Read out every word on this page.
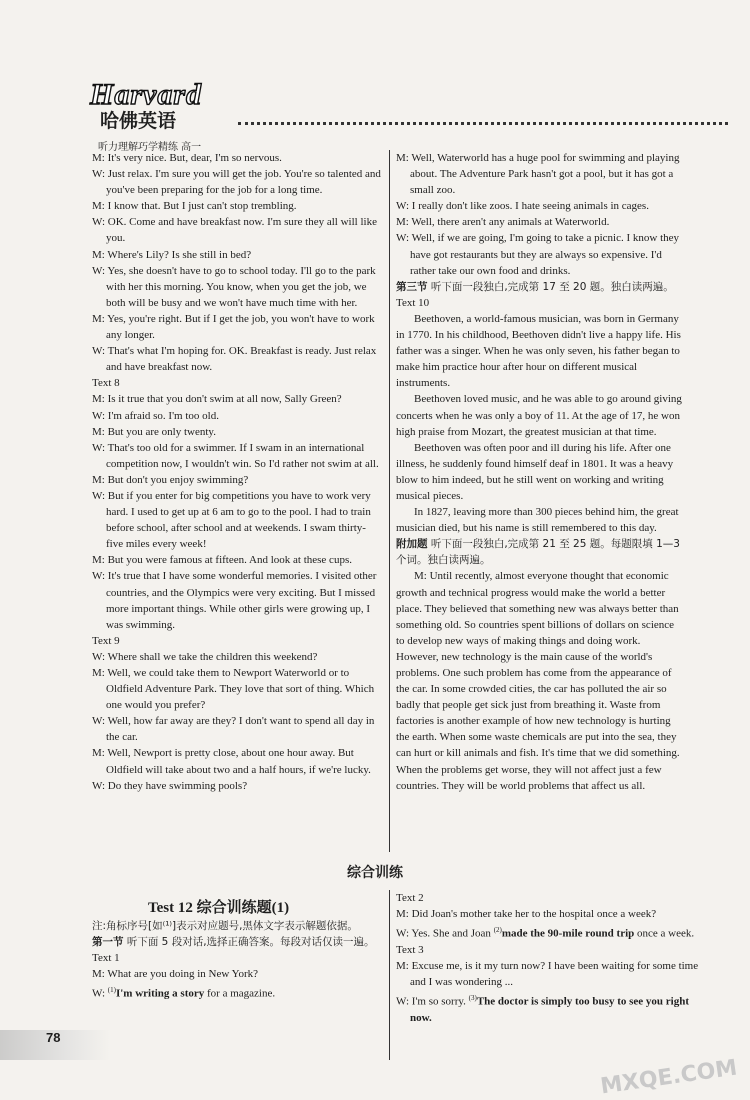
Harvard
哈佛英语
听力理解巧学精练 高一

M: It's very nice. But, dear, I'm so nervous.

W: Just relax. I'm sure you will get the job. You're so talented and you've been preparing for the job for a long time.

M: I know that. But I just can't stop trembling.

W: OK. Come and have breakfast now. I'm sure they all will like you.

M: Where's Lily? Is she still in bed?

W: Yes, she doesn't have to go to school today. I'll go to the park with her this morning. You know, when you get the job, we both will be busy and we won't have much time with her.

M: Yes, you're right. But if I get the job, you won't have to work any longer.

W: That's what I'm hoping for. OK. Breakfast is ready. Just relax and have breakfast now.

Text 8

M: Is it true that you don't swim at all now, Sally Green?

W: I'm afraid so. I'm too old.

M: But you are only twenty.

W: That's too old for a swimmer. If I swam in an international competition now, I wouldn't win. So I'd rather not swim at all.

M: But don't you enjoy swimming?

W: But if you enter for big competitions you have to work very hard. I used to get up at 6 am to go to the pool. I had to train before school, after school and at weekends. I swam thirty-five miles every week!

M: But you were famous at fifteen. And look at these cups.

W: It's true that I have some wonderful memories. I visited other countries, and the Olympics were very exciting. But I missed more important things. While other girls were growing up, I was swimming.

Text 9

W: Where shall we take the children this weekend?

M: Well, we could take them to Newport Waterworld or to Oldfield Adventure Park. They love that sort of thing. Which one would you prefer?

W: Well, how far away are they? I don't want to spend all day in the car.

M: Well, Newport is pretty close, about one hour away. But Oldfield will take about two and a half hours, if we're lucky.

W: Do they have swimming pools?

M: Well, Waterworld has a huge pool for swimming and playing about. The Adventure Park hasn't got a pool, but it has got a small zoo.

W: I really don't like zoos. I hate seeing animals in cages.

M: Well, there aren't any animals at Waterworld.

W: Well, if we are going, I'm going to take a picnic. I know they have got restaurants but they are always so expensive. I'd rather take our own food and drinks.

第三节 听下面一段独白,完成第 17 至 20 题。独白读两遍。

Text 10

Beethoven, a world-famous musician, was born in Germany in 1770. In his childhood, Beethoven didn't live a happy life. His father was a singer. When he was only seven, his father began to make him practice hour after hour on different musical instruments.

Beethoven loved music, and he was able to go around giving concerts when he was only a boy of 11. At the age of 17, he won high praise from Mozart, the greatest musician at that time.

Beethoven was often poor and ill during his life. After one illness, he suddenly found himself deaf in 1801. It was a heavy blow to him indeed, but he still went on working and writing musical pieces.

In 1827, leaving more than 300 pieces behind him, the great musician died, but his name is still remembered to this day.

附加题 听下面一段独白,完成第 21 至 25 题。每题限填 1—3 个词。独白读两遍。

M: Until recently, almost everyone thought that economic growth and technical progress would make the world a better place. They believed that something new was always better than something old. So countries spent billions of dollars on science to develop new ways of making things and doing work. However, new technology is the main cause of the world's problems. One such problem has come from the appearance of the car. In some crowded cities, the car has polluted the air so badly that people get sick just from breathing it. Waste from factories is another example of how new technology is hurting the earth. When some waste chemicals are put into the sea, they can hurt or kill animals and fish. It's time that we did something. When the problems get worse, they will not affect just a few countries. They will be world problems that affect us all.

综合训练
Test 12 综合训练题(1)

注:角标序号[如⁽¹⁾]表示对应题号,黑体文字表示解题依据。

第一节 听下面 5 段对话,选择正确答案。每段对话仅读一遍。

Text 1

M: What are you doing in New York?

W: $^{(1)}$I'm writing a story for a magazine.

Text 2

M: Did Joan's mother take her to the hospital once a week?

W: Yes. She and Joan $^{(2)}$made the 90-mile round trip once a week.

Text 3

M: Excuse me, is it my turn now? I have been waiting for some time and I was wondering ...

W: I'm so sorry. $^{(3)}$The doctor is simply too busy to see you right now.

78
MXQE.COM
